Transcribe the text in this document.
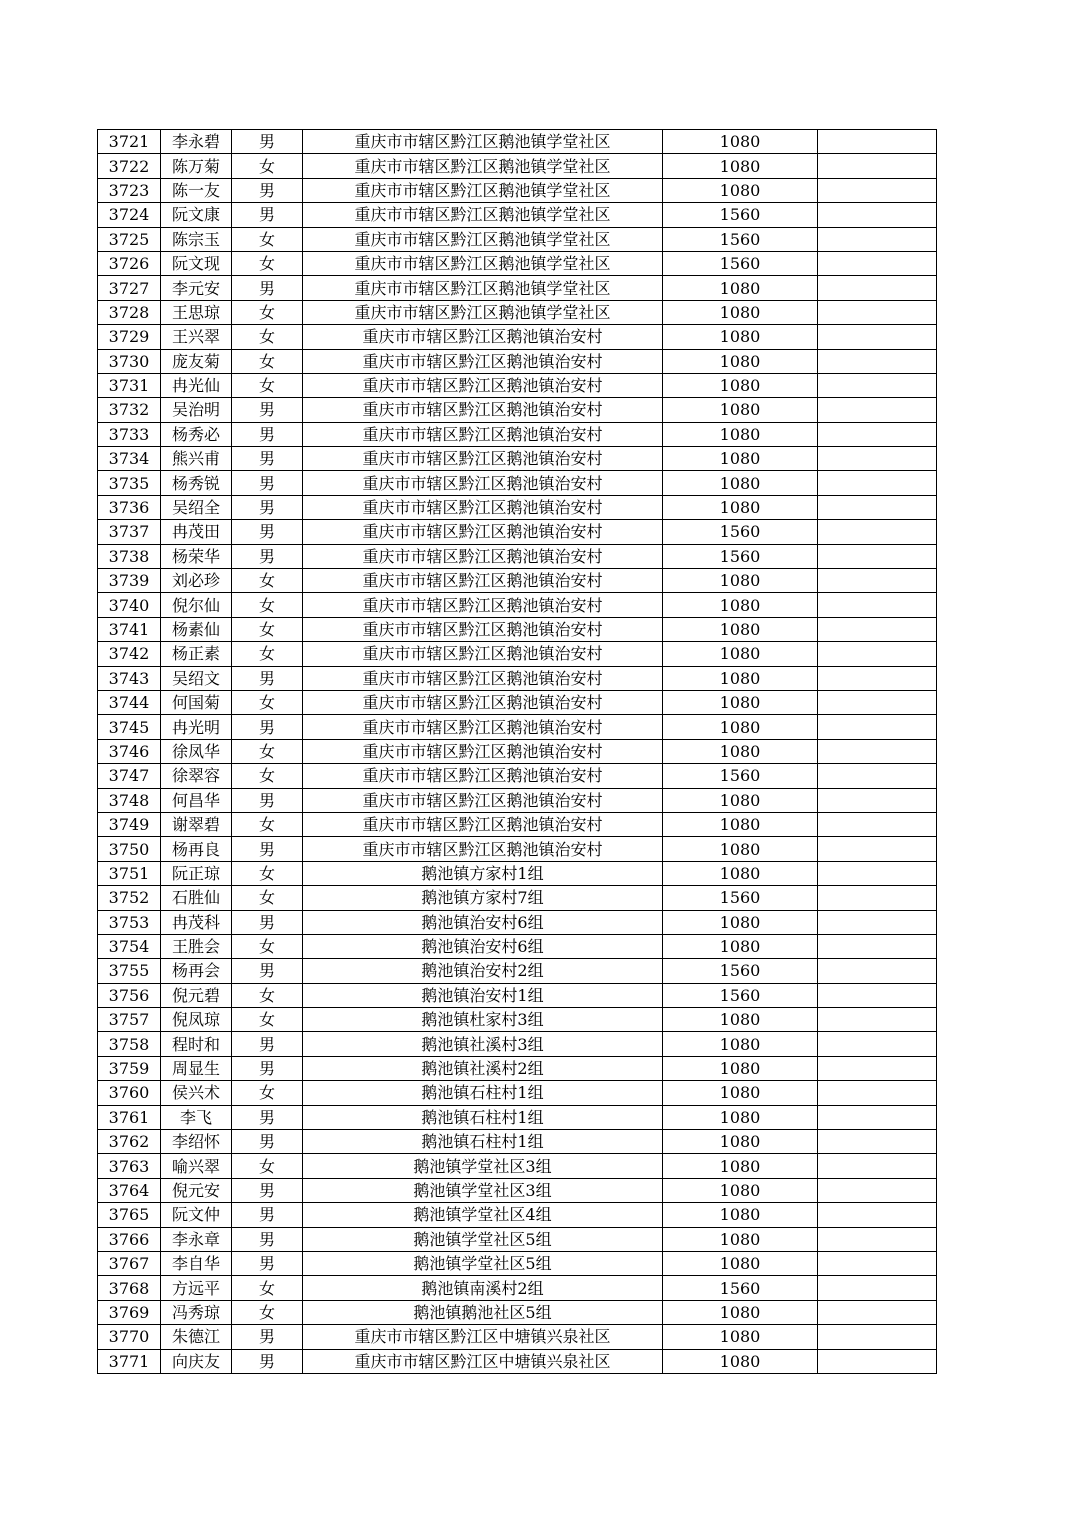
3721	李永碧	男	重庆市市辖区黔江区鹅池镇学堂社区	1080	
3722	陈万菊	女	重庆市市辖区黔江区鹅池镇学堂社区	1080	
3723	陈一友	男	重庆市市辖区黔江区鹅池镇学堂社区	1080	
3724	阮文康	男	重庆市市辖区黔江区鹅池镇学堂社区	1560	
3725	陈宗玉	女	重庆市市辖区黔江区鹅池镇学堂社区	1560	
3726	阮文现	女	重庆市市辖区黔江区鹅池镇学堂社区	1560	
3727	李元安	男	重庆市市辖区黔江区鹅池镇学堂社区	1080	
3728	王思琼	女	重庆市市辖区黔江区鹅池镇学堂社区	1080	
3729	王兴翠	女	重庆市市辖区黔江区鹅池镇治安村	1080	
3730	庞友菊	女	重庆市市辖区黔江区鹅池镇治安村	1080	
3731	冉光仙	女	重庆市市辖区黔江区鹅池镇治安村	1080	
3732	吴治明	男	重庆市市辖区黔江区鹅池镇治安村	1080	
3733	杨秀必	男	重庆市市辖区黔江区鹅池镇治安村	1080	
3734	熊兴甫	男	重庆市市辖区黔江区鹅池镇治安村	1080	
3735	杨秀锐	男	重庆市市辖区黔江区鹅池镇治安村	1080	
3736	吴绍全	男	重庆市市辖区黔江区鹅池镇治安村	1080	
3737	冉茂田	男	重庆市市辖区黔江区鹅池镇治安村	1560	
3738	杨荣华	男	重庆市市辖区黔江区鹅池镇治安村	1560	
3739	刘必珍	女	重庆市市辖区黔江区鹅池镇治安村	1080	
3740	倪尔仙	女	重庆市市辖区黔江区鹅池镇治安村	1080	
3741	杨素仙	女	重庆市市辖区黔江区鹅池镇治安村	1080	
3742	杨正素	女	重庆市市辖区黔江区鹅池镇治安村	1080	
3743	吴绍文	男	重庆市市辖区黔江区鹅池镇治安村	1080	
3744	何国菊	女	重庆市市辖区黔江区鹅池镇治安村	1080	
3745	冉光明	男	重庆市市辖区黔江区鹅池镇治安村	1080	
3746	徐凤华	女	重庆市市辖区黔江区鹅池镇治安村	1080	
3747	徐翠容	女	重庆市市辖区黔江区鹅池镇治安村	1560	
3748	何昌华	男	重庆市市辖区黔江区鹅池镇治安村	1080	
3749	谢翠碧	女	重庆市市辖区黔江区鹅池镇治安村	1080	
3750	杨再良	男	重庆市市辖区黔江区鹅池镇治安村	1080	
3751	阮正琼	女	鹅池镇方家村1组	1080	
3752	石胜仙	女	鹅池镇方家村7组	1560	
3753	冉茂科	男	鹅池镇治安村6组	1080	
3754	王胜会	女	鹅池镇治安村6组	1080	
3755	杨再会	男	鹅池镇治安村2组	1560	
3756	倪元碧	女	鹅池镇治安村1组	1560	
3757	倪凤琼	女	鹅池镇杜家村3组	1080	
3758	程时和	男	鹅池镇社溪村3组	1080	
3759	周显生	男	鹅池镇社溪村2组	1080	
3760	侯兴术	女	鹅池镇石柱村1组	1080	
3761	李飞	男	鹅池镇石柱村1组	1080	
3762	李绍怀	男	鹅池镇石柱村1组	1080	
3763	喻兴翠	女	鹅池镇学堂社区3组	1080	
3764	倪元安	男	鹅池镇学堂社区3组	1080	
3765	阮文仲	男	鹅池镇学堂社区4组	1080	
3766	李永章	男	鹅池镇学堂社区5组	1080	
3767	李自华	男	鹅池镇学堂社区5组	1080	
3768	方远平	女	鹅池镇南溪村2组	1560	
3769	冯秀琼	女	鹅池镇鹅池社区5组	1080	
3770	朱德江	男	重庆市市辖区黔江区中塘镇兴泉社区	1080	
3771	向庆友	男	重庆市市辖区黔江区中塘镇兴泉社区	1080	
